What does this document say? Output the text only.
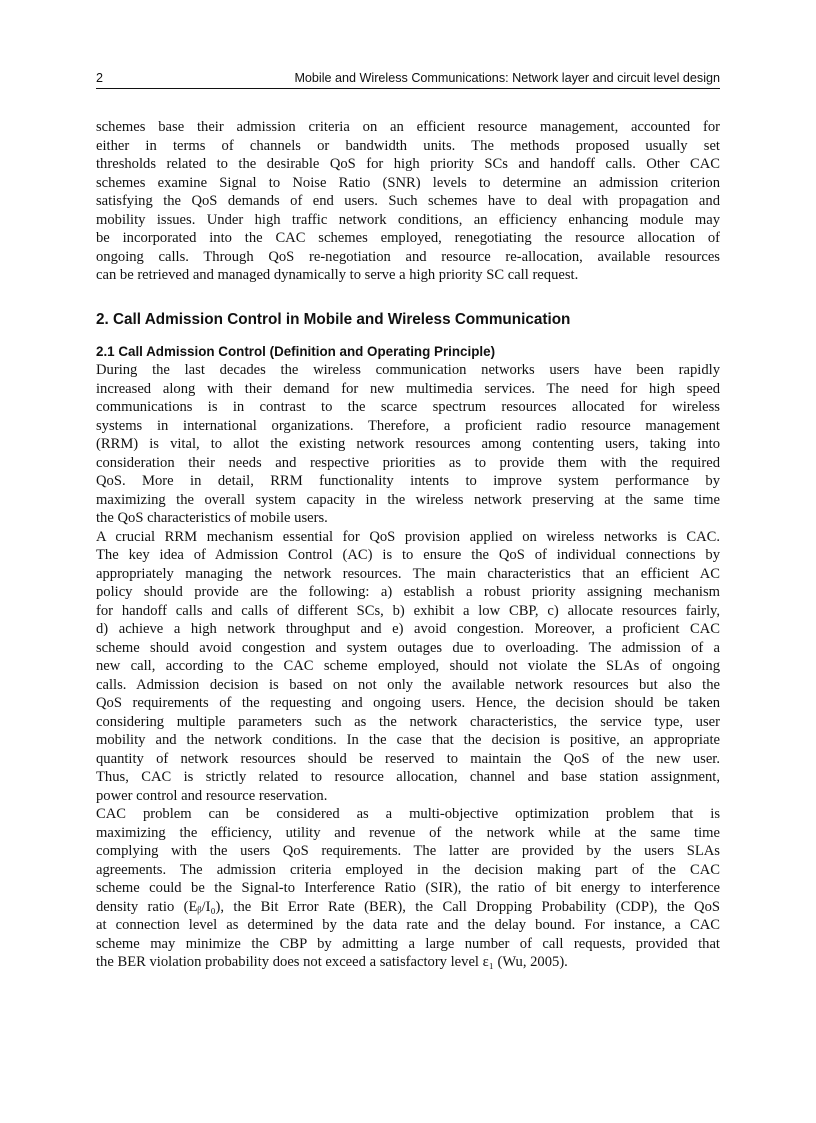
2	Mobile and Wireless Communications: Network layer and circuit level design
schemes base their admission criteria on an efficient resource management, accounted for
either in terms of channels or bandwidth units. The methods proposed usually set
thresholds related to the desirable QoS for high priority SCs and handoff calls. Other CAC
schemes examine Signal to Noise Ratio (SNR) levels to determine an admission criterion
satisfying the QoS demands of end users. Such schemes have to deal with propagation and
mobility issues. Under high traffic network conditions, an efficiency enhancing module may
be incorporated into the CAC schemes employed, renegotiating the resource allocation of
ongoing calls. Through QoS re-negotiation and resource re-allocation, available resources
can be retrieved and managed dynamically to serve a high priority SC call request.
2. Call Admission Control in Mobile and Wireless Communication
2.1 Call Admission Control (Definition and Operating Principle)
During the last decades the wireless communication networks users have been rapidly
increased along with their demand for new multimedia services. The need for high speed
communications is in contrast to the scarce spectrum resources allocated for wireless
systems in international organizations. Therefore, a proficient radio resource management
(RRM) is vital, to allot the existing network resources among contenting users, taking into
consideration their needs and respective priorities as to provide them with the required
QoS. More in detail, RRM functionality intents to improve system performance by
maximizing the overall system capacity in the wireless network preserving at the same time
the QoS characteristics of mobile users.
A crucial RRM mechanism essential for QoS provision applied on wireless networks is CAC.
The key idea of Admission Control (AC) is to ensure the QoS of individual connections by
appropriately managing the network resources. The main characteristics that an efficient AC
policy should provide are the following: a) establish a robust priority assigning mechanism
for handoff calls and calls of different SCs, b) exhibit a low CBP, c) allocate resources fairly,
d) achieve a high network throughput and e) avoid congestion. Moreover, a proficient CAC
scheme should avoid congestion and system outages due to overloading. The admission of a
new call, according to the CAC scheme employed, should not violate the SLAs of ongoing
calls. Admission decision is based on not only the available network resources but also the
QoS requirements of the requesting and ongoing users. Hence, the decision should be taken
considering multiple parameters such as the network characteristics, the service type, user
mobility and the network conditions. In the case that the decision is positive, an appropriate
quantity of network resources should be reserved to maintain the QoS of the new user.
Thus, CAC is strictly related to resource allocation, channel and base station assignment,
power control and resource reservation.
CAC problem can be considered as a multi-objective optimization problem that is
maximizing the efficiency, utility and revenue of the network while at the same time
complying with the users QoS requirements. The latter are provided by the users SLAs
agreements. The admission criteria employed in the decision making part of the CAC
scheme could be the Signal-to Interference Ratio (SIR), the ratio of bit energy to interference
density ratio (Eᵦ/I₀), the Bit Error Rate (BER), the Call Dropping Probability (CDP), the QoS
at connection level as determined by the data rate and the delay bound. For instance, a CAC
scheme may minimize the CBP by admitting a large number of call requests, provided that
the BER violation probability does not exceed a satisfactory level ε₁ (Wu, 2005).
